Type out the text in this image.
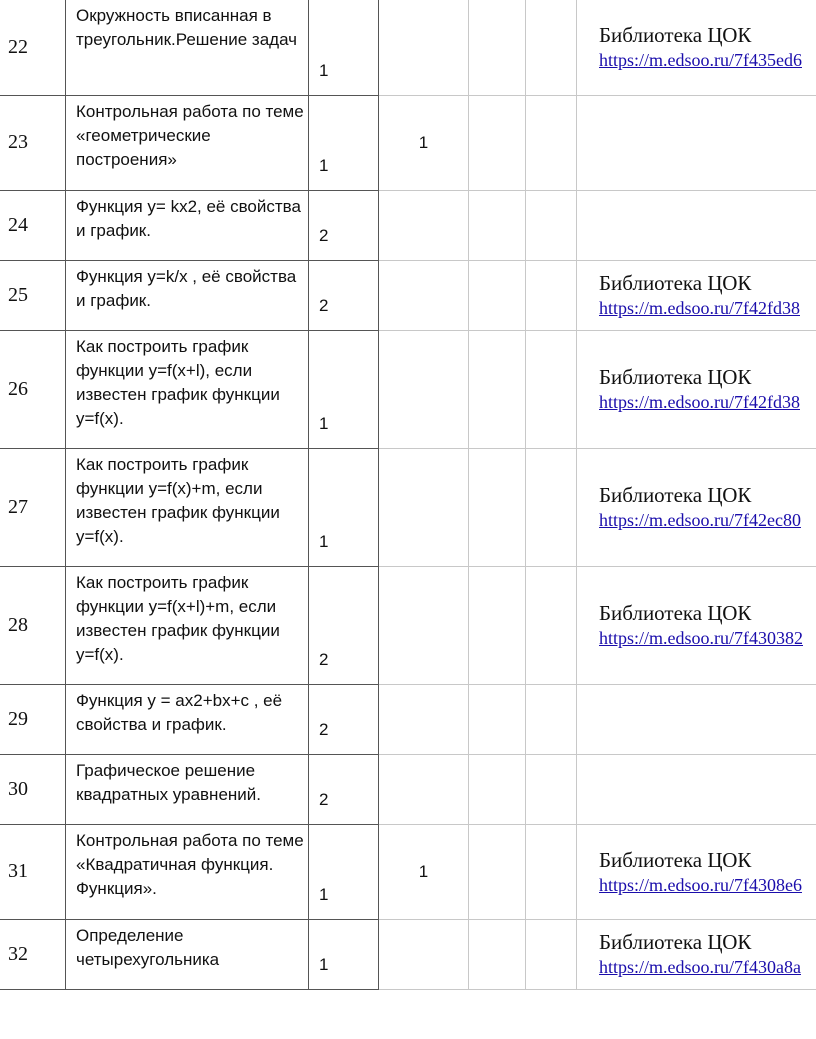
22	Окружность вписанная в треугольник.Решение задач	1				Библиотека ЦОК
https://m.edsoo.ru/7f435ed6

23	Контрольная работа по теме «геометрические построения»	1	1			
24	Функция y= kx2, её свойства и график.	2				
25	Функция y=k/x , её свойства и график.	2				Библиотека ЦОК
https://m.edsoo.ru/7f42fd38

26	Как построить график функции y=f(x+l), если известен график функции y=f(x).	1				Библиотека ЦОК
https://m.edsoo.ru/7f42fd38

27	Как построить график функции y=f(x)+m, если известен график функции y=f(x).	1				Библиотека ЦОК
https://m.edsoo.ru/7f42ec80

28	Как построить график функции y=f(x+l)+m, если известен график функции y=f(x).	2				Библиотека ЦОК
https://m.edsoo.ru/7f430382

29	Функция y = ax2+bx+c , её свойства и график.	2				
30	Графическое решение квадратных уравнений.	2				
31	Контрольная работа по теме «Квадратичная функция. Функция».	1	1			Библиотека ЦОК
https://m.edsoo.ru/7f4308e6

32	Определение четырехугольника	1				Библиотека ЦОК
https://m.edsoo.ru/7f430a8a
